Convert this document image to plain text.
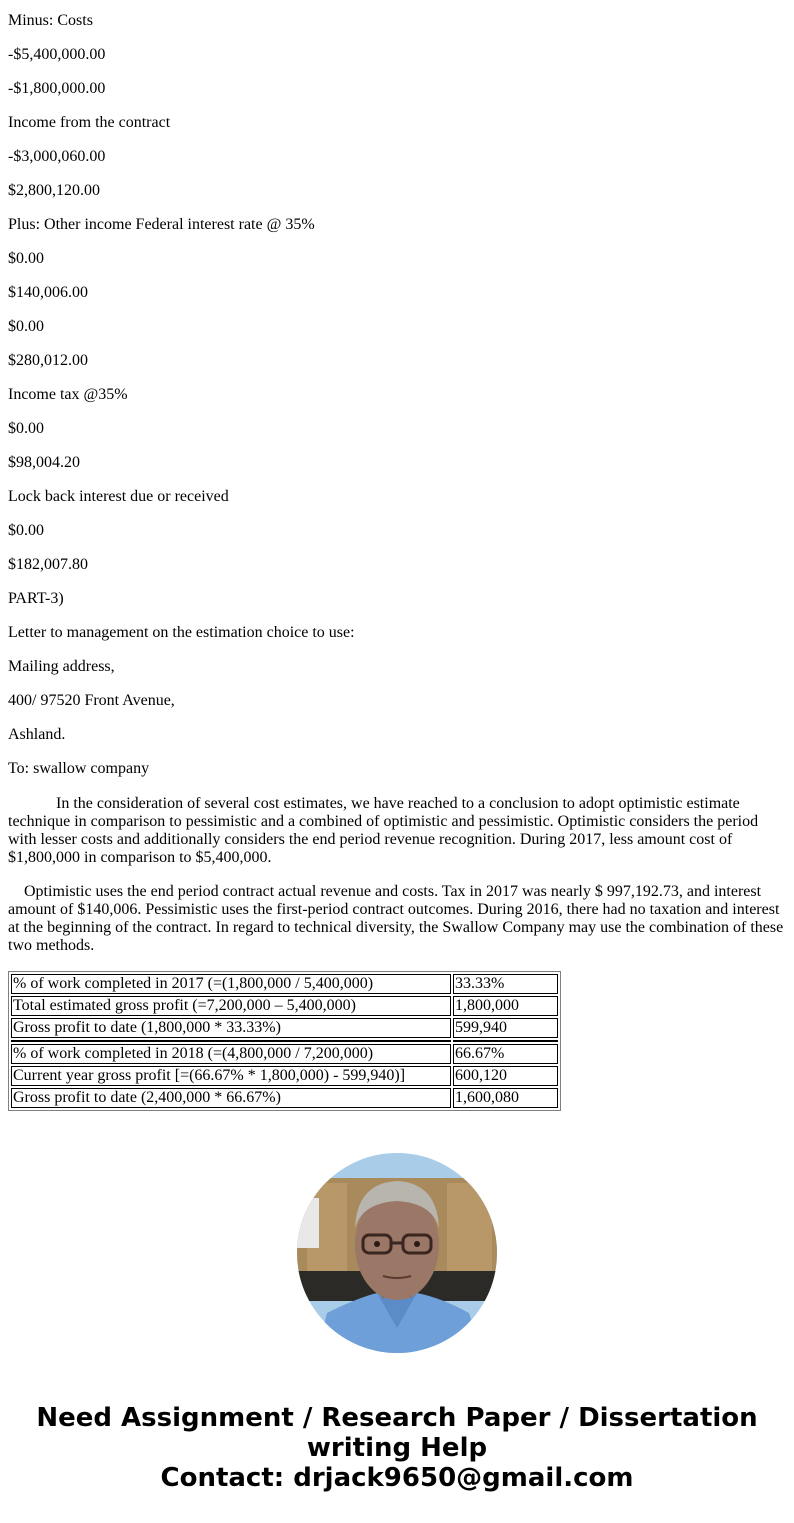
Minus: Costs

-$5,400,000.00

-$1,800,000.00

Income from the contract

-$3,000,060.00

$2,800,120.00

Plus: Other income Federal interest rate @ 35%

$0.00

$140,006.00

$0.00

$280,012.00

Income tax @35%

$0.00

$98,004.20

Lock back interest due or received

$0.00

$182,007.80

PART-3)

Letter to management on the estimation choice to use:

Mailing address,

400/ 97520 Front Avenue,

Ashland.

To: swallow company

In the consideration of several cost estimates, we have reached to a conclusion to adopt optimistic estimate technique in comparison to pessimistic and a combined of optimistic and pessimistic. Optimistic considers the period with lesser costs and additionally considers the end period revenue recognition. During 2017, less amount cost of $1,800,000 in comparison to $5,400,000.

Optimistic uses the end period contract actual revenue and costs. Tax in 2017 was nearly $ 997,192.73, and interest amount of $140,006. Pessimistic uses the first-period contract outcomes. During 2016, there had no taxation and interest at the beginning of the contract. In regard to technical diversity, the Swallow Company may use the combination of these two methods.

% of work completed in 2017 (=(1,800,000 / 5,400,000)	33.33%
Total estimated gross profit (=7,200,000 – 5,400,000)	1,800,000
Gross profit to date (1,800,000 * 33.33%)	599,940

% of work completed in 2018 (=(4,800,000 / 7,200,000)	66.67%
Current year gross profit [=(66.67% * 1,800,000) - 599,940)]	600,120
Gross profit to date (2,400,000 * 66.67%)	1,600,080
Need Assignment / Research Paper / Dissertation
writing Help
Contact: drjack9650@gmail.com
